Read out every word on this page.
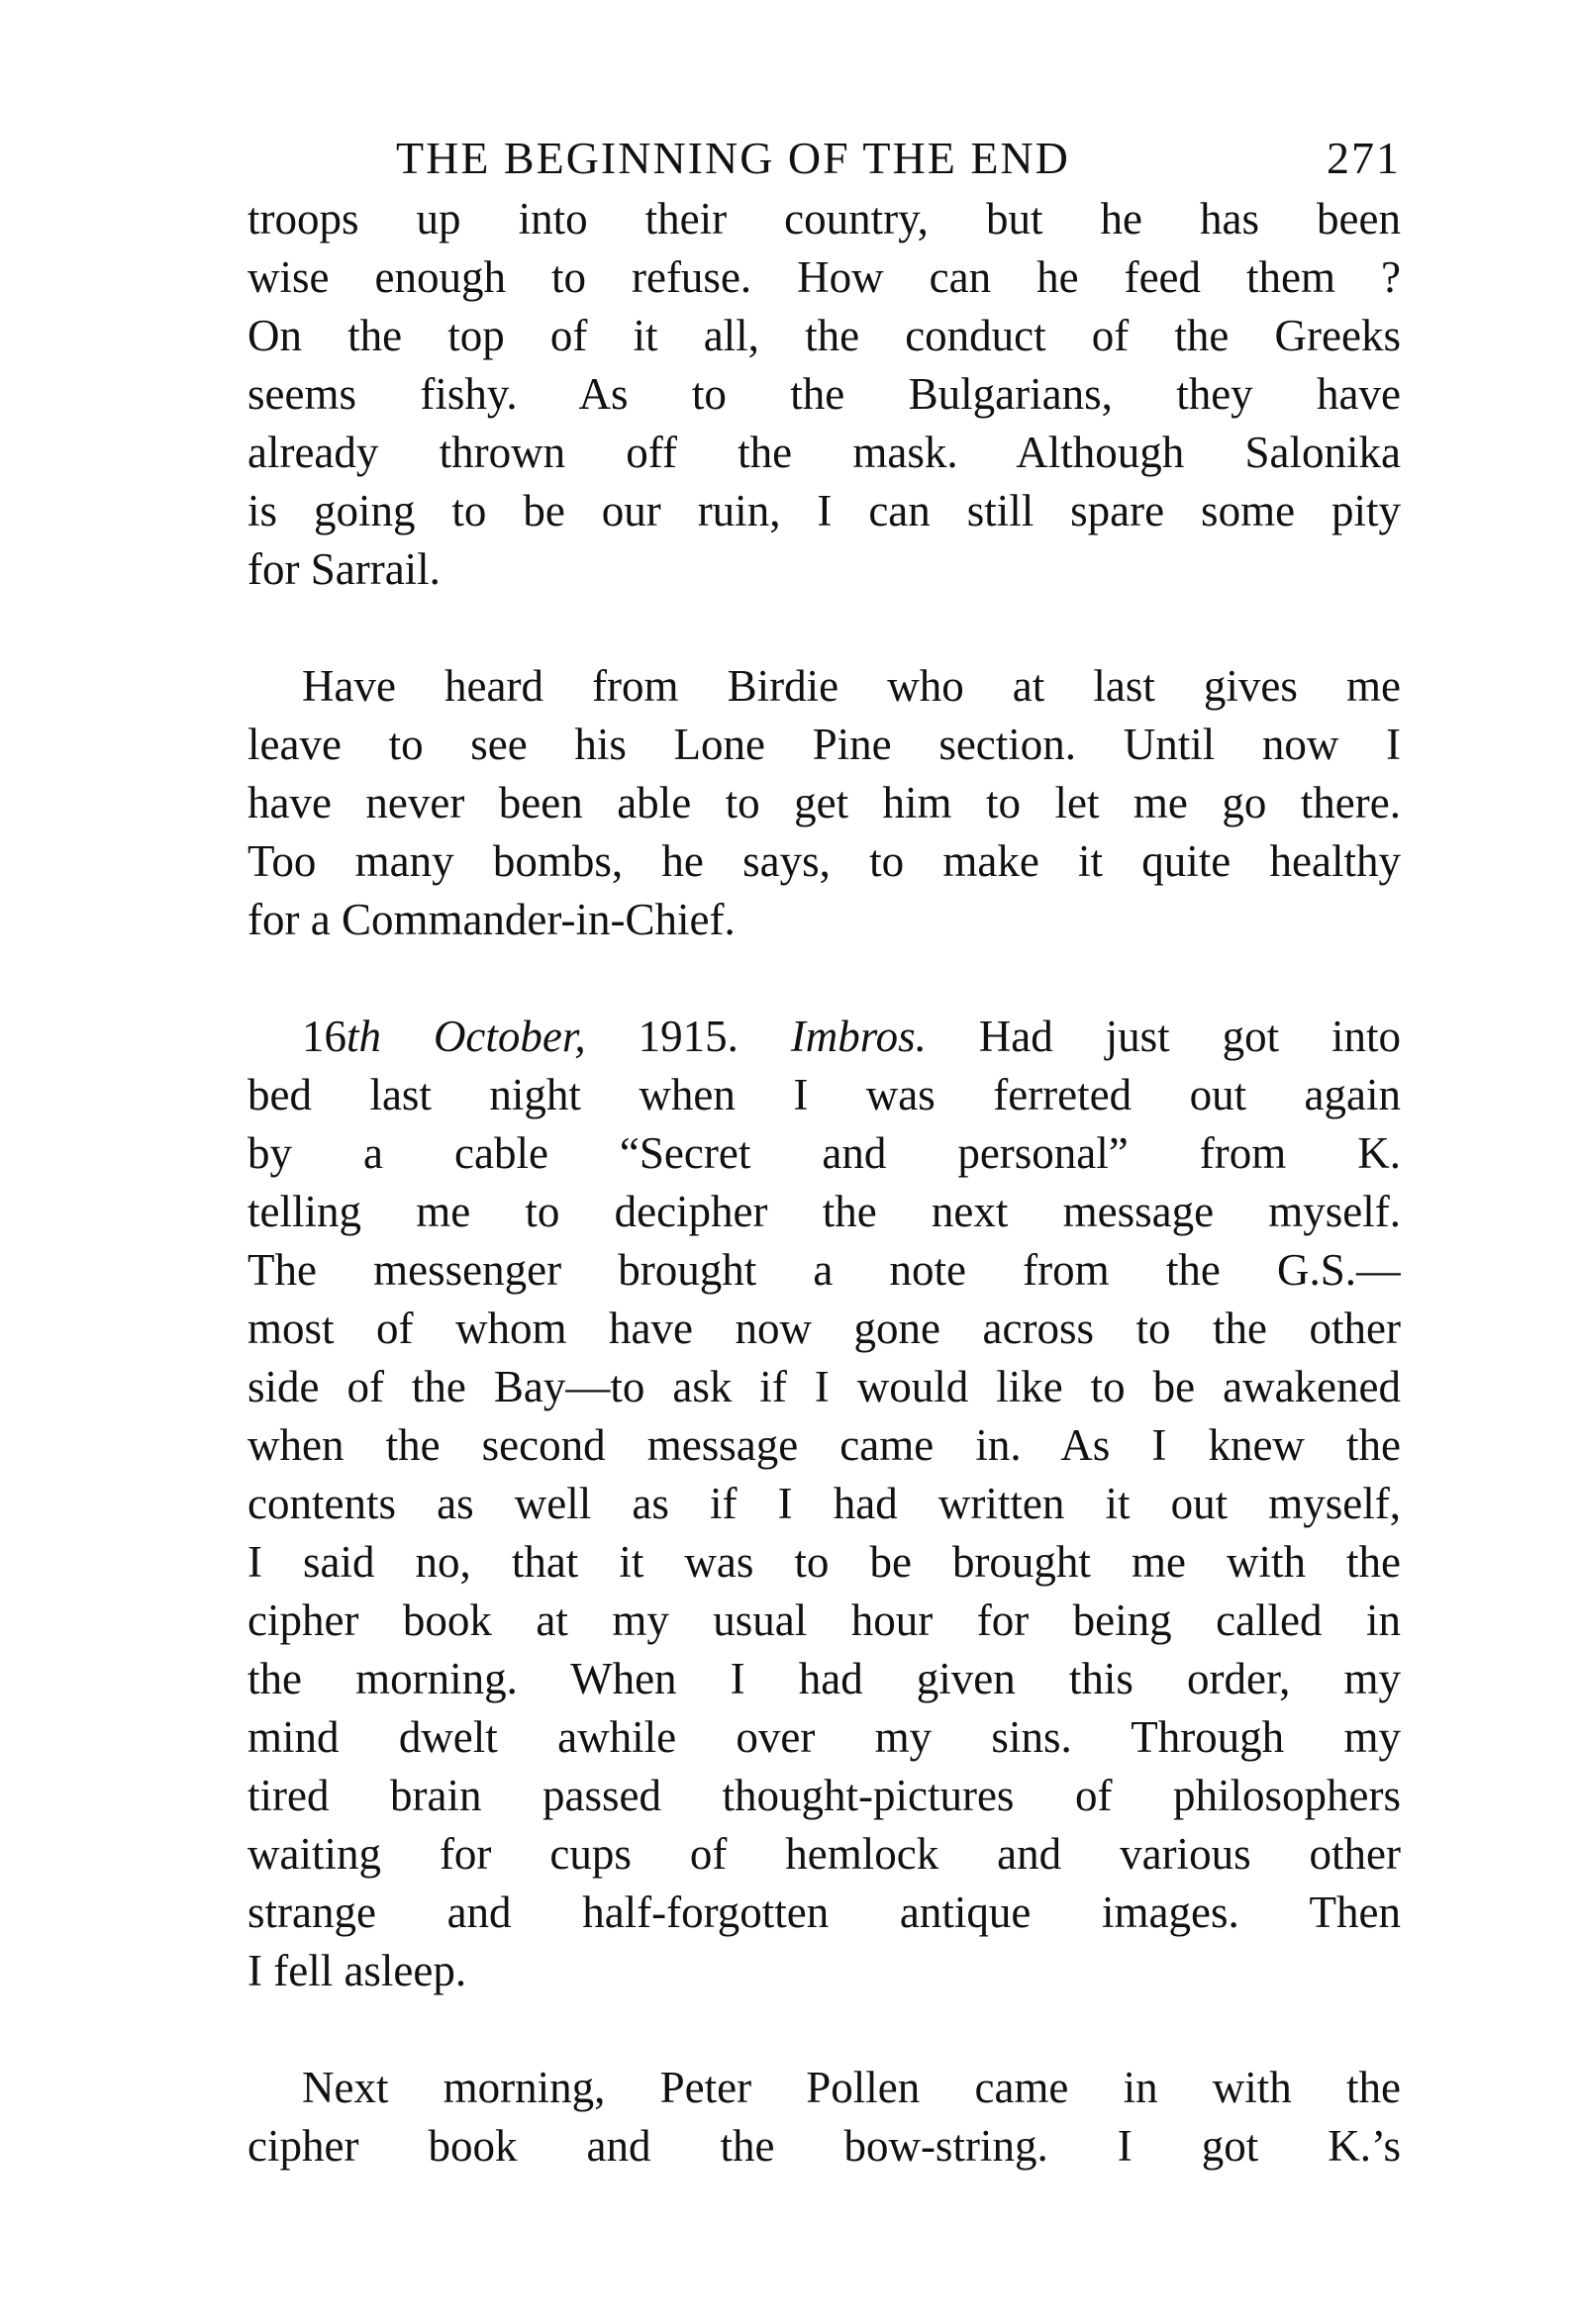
THE BEGINNING OF THE END	271
troops up into their country, but he has been
wise enough to refuse. How can he feed them ?
On the top of it all, the conduct of the Greeks
seems fishy. As to the Bulgarians, they have
already thrown off the mask. Although Salonika
is going to be our ruin, I can still spare some pity
for Sarrail.
Have heard from Birdie who at last gives me
leave to see his Lone Pine section. Until now I
have never been able to get him to let me go there.
Too many bombs, he says, to make it quite healthy
for a Commander-in-Chief.
16th October, 1915. Imbros. Had just got into
bed last night when I was ferreted out again
by a cable “Secret and personal” from K.
telling me to decipher the next message myself.
The messenger brought a note from the G.S.—
most of whom have now gone across to the other
side of the Bay—to ask if I would like to be awakened
when the second message came in. As I knew the
contents as well as if I had written it out myself,
I said no, that it was to be brought me with the
cipher book at my usual hour for being called in
the morning. When I had given this order, my
mind dwelt awhile over my sins. Through my
tired brain passed thought-pictures of philosophers
waiting for cups of hemlock and various other
strange and half-forgotten antique images. Then
I fell asleep.
Next morning, Peter Pollen came in with the
cipher book and the bow-string. I got K.’s
